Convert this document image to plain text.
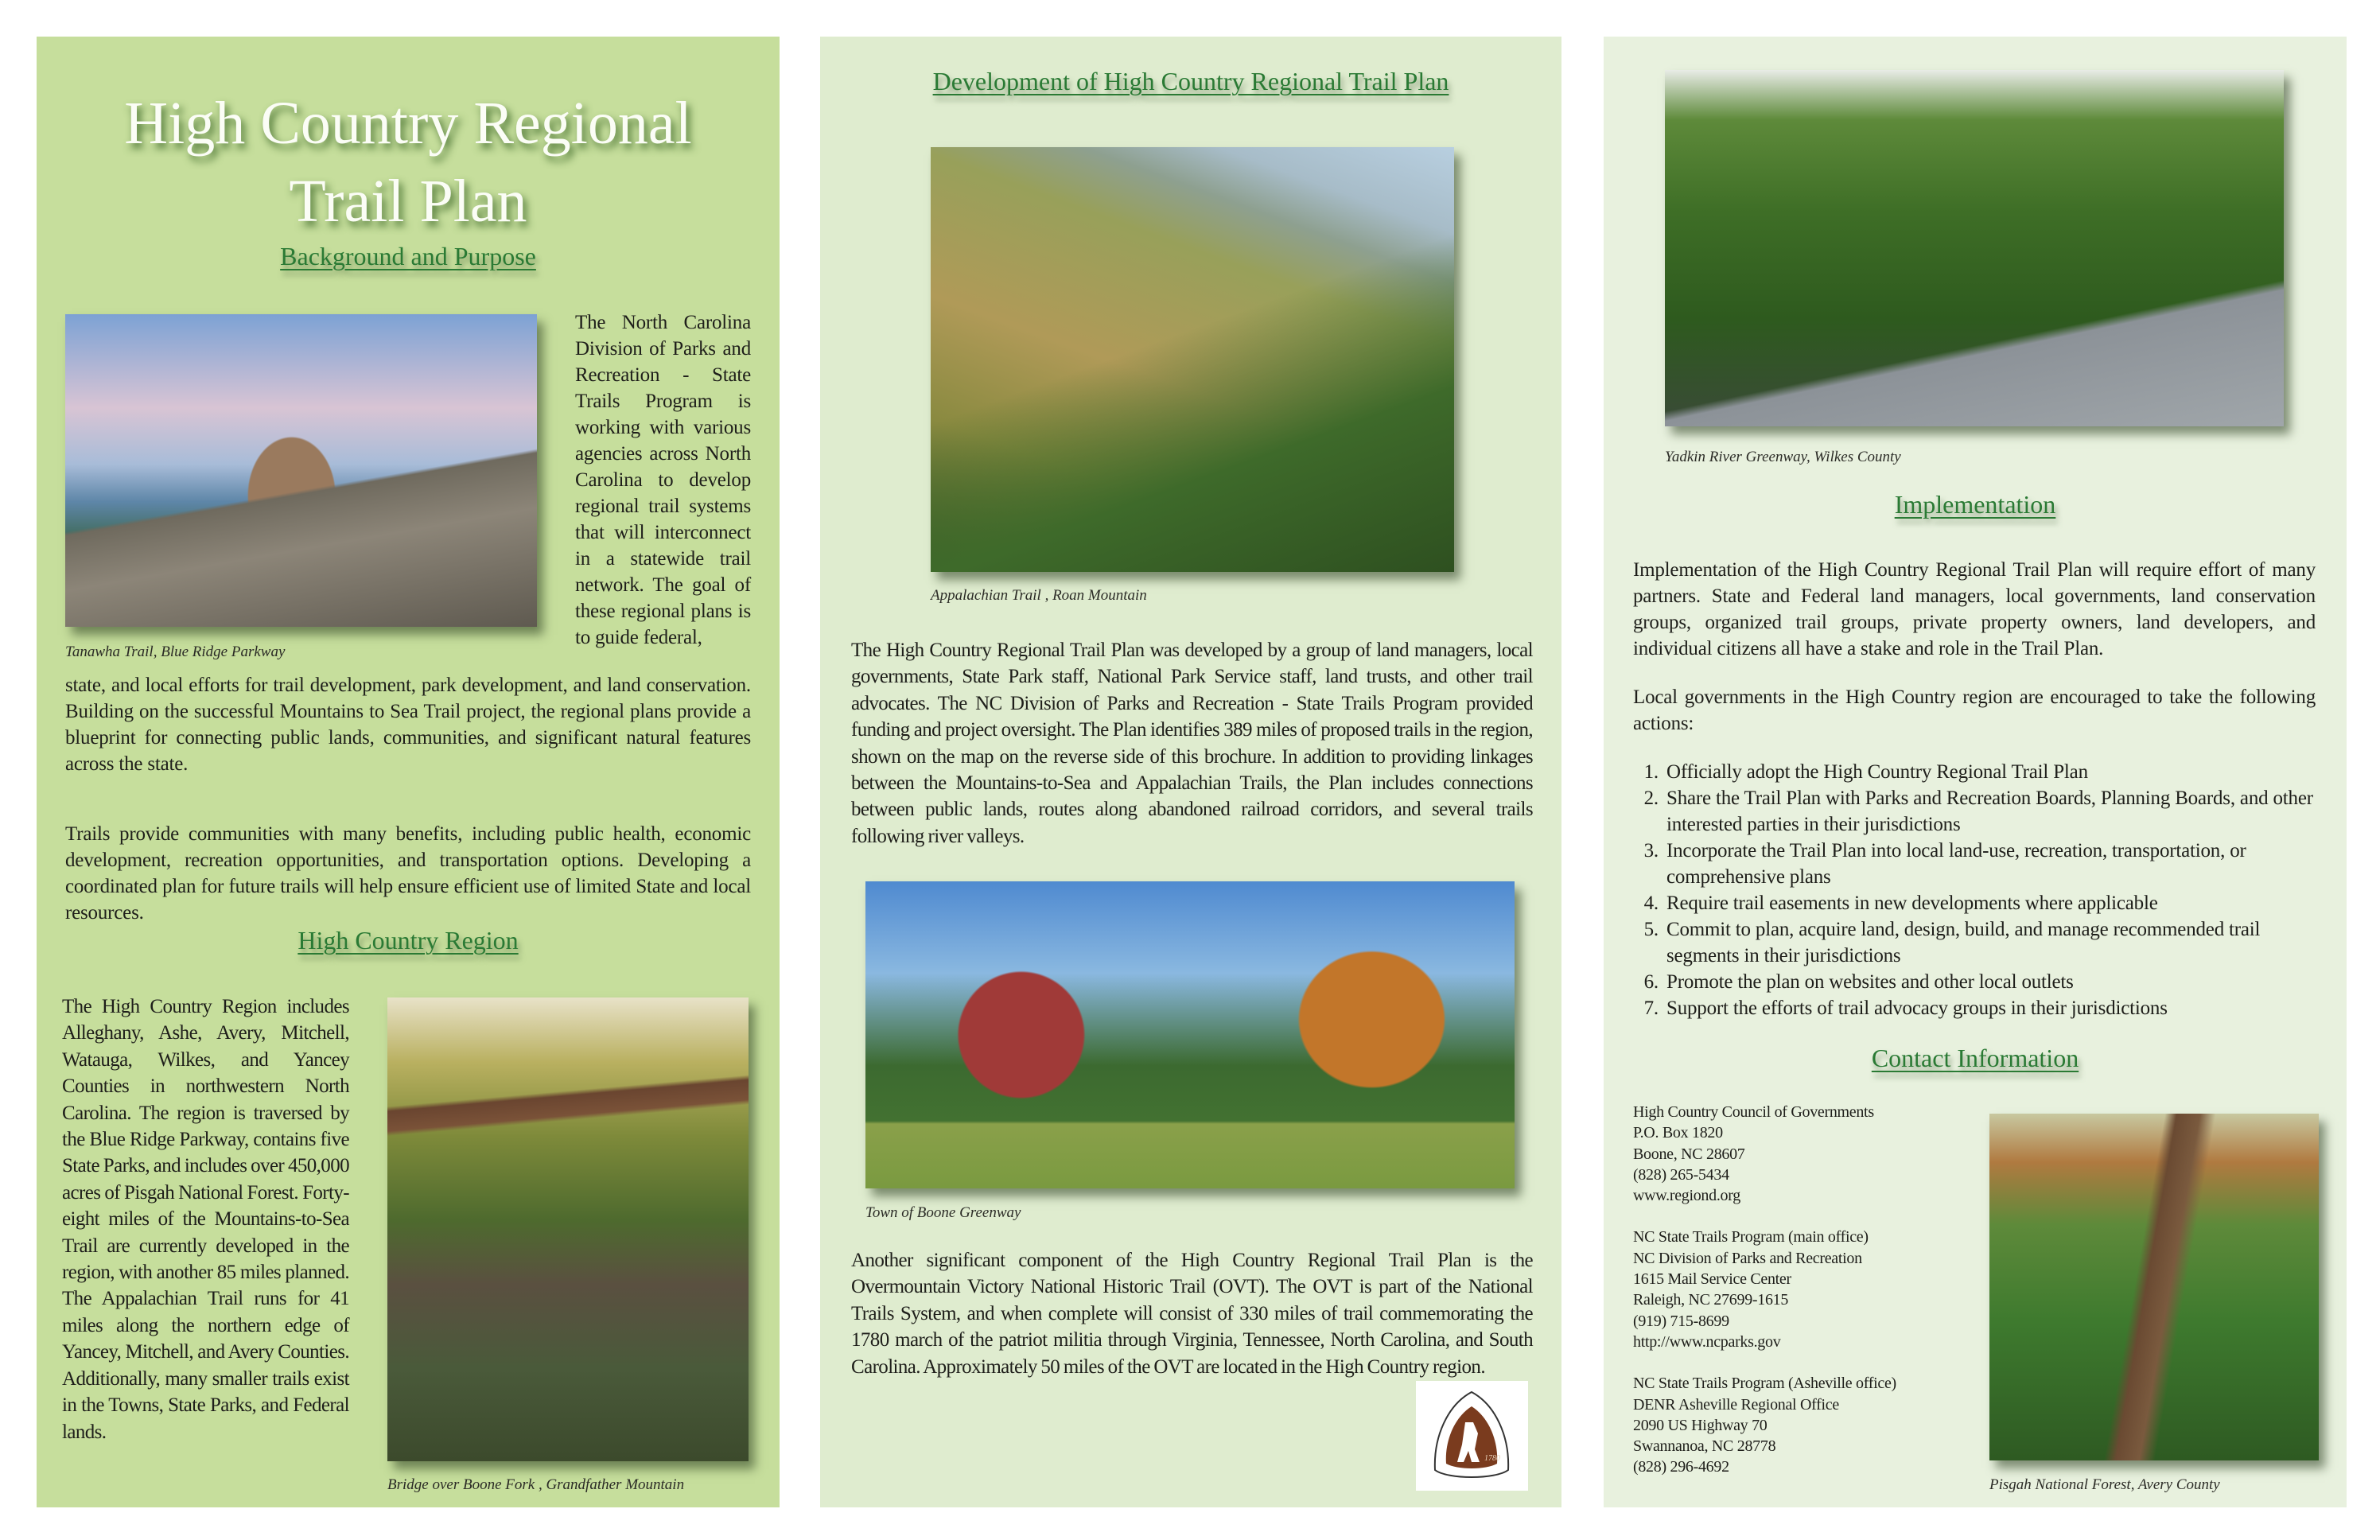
High Country Regional
Trail Plan
Background and Purpose
Tanawha Trail, Blue Ridge Parkway
The North Carolina Division of Parks and Recreation - State Trails Program is working with various agencies across North Carolina to develop regional trail systems that will interconnect in a statewide trail network. The goal of these regional plans is to guide federal,
state, and local efforts for trail development, park development, and land conservation. Building on the successful Mountains to Sea Trail project, the regional plans provide a blueprint for connecting public lands, communities, and significant natural features across the state.
Trails provide communities with many benefits, including public health, economic development, recreation opportunities, and transportation options. Developing a coordinated plan for future trails will help ensure efficient use of limited State and local resources.
High Country Region
The High Country Region includes Alleghany, Ashe, Avery, Mitchell, Watauga, Wilkes, and Yancey Counties in northwestern North Carolina. The region is traversed by the Blue Ridge Parkway, contains five State Parks, and includes over 450,000 acres of Pisgah National Forest. Forty-eight miles of the Mountains-to-Sea Trail are currently developed in the region, with another 85 miles planned. The Appalachian Trail runs for 41 miles along the northern edge of Yancey, Mitchell, and Avery Counties. Additionally, many smaller trails exist in the Towns, State Parks, and Federal lands.
Bridge over Boone Fork , Grandfather Mountain
Development of High Country Regional Trail Plan
Appalachian Trail , Roan Mountain
The High Country Regional Trail Plan was developed by a group of land managers, local governments, State Park staff, National Park Service staff, land trusts, and other trail advocates. The NC Division of Parks and Recreation - State Trails Program provided funding and project oversight. The Plan identifies 389 miles of proposed trails in the region, shown on the map on the reverse side of this brochure. In addition to providing linkages between the Mountains-to-Sea and Appalachian Trails, the Plan includes connections between public lands, routes along abandoned railroad corridors, and several trails following river valleys.
Town of Boone Greenway
Another significant component of the High Country Regional Trail Plan is the Overmountain Victory National Historic Trail (OVT). The OVT is part of the National Trails System, and when complete will consist of 330 miles of trail commemorating the 1780 march of the patriot militia through Virginia, Tennessee, North Carolina, and South Carolina. Approximately 50 miles of the OVT are located in the High Country region.
1780
Yadkin River Greenway, Wilkes County
Implementation
Implementation of the High Country Regional Trail Plan will require effort of many partners. State and Federal land managers, local governments, land conservation groups, organized trail groups, private property owners, land developers, and individual citizens all have a stake and role in the Trail Plan.
Local governments in the High Country region are encouraged to take the following actions:
1. Officially adopt the High Country Regional Trail Plan
2. Share the Trail Plan with Parks and Recreation Boards, Planning Boards, and other interested parties in their jurisdictions
3. Incorporate the Trail Plan into local land-use, recreation, transportation, or comprehensive plans
4. Require trail easements in new developments where applicable
5. Commit to plan, acquire land, design, build, and manage recommended trail segments in their jurisdictions
6. Promote the plan on websites and other local outlets
7. Support the efforts of trail advocacy groups in their jurisdictions
Contact Information
High Country Council of Governments
P.O. Box 1820
Boone, NC 28607
(828) 265-5434
www.regiond.org
NC State Trails Program (main office)
NC Division of Parks and Recreation
1615 Mail Service Center
Raleigh, NC 27699-1615
(919) 715-8699
http://www.ncparks.gov
NC State Trails Program (Asheville office)
DENR Asheville Regional Office
2090 US Highway 70
Swannanoa, NC 28778
(828) 296-4692
Pisgah National Forest, Avery County
